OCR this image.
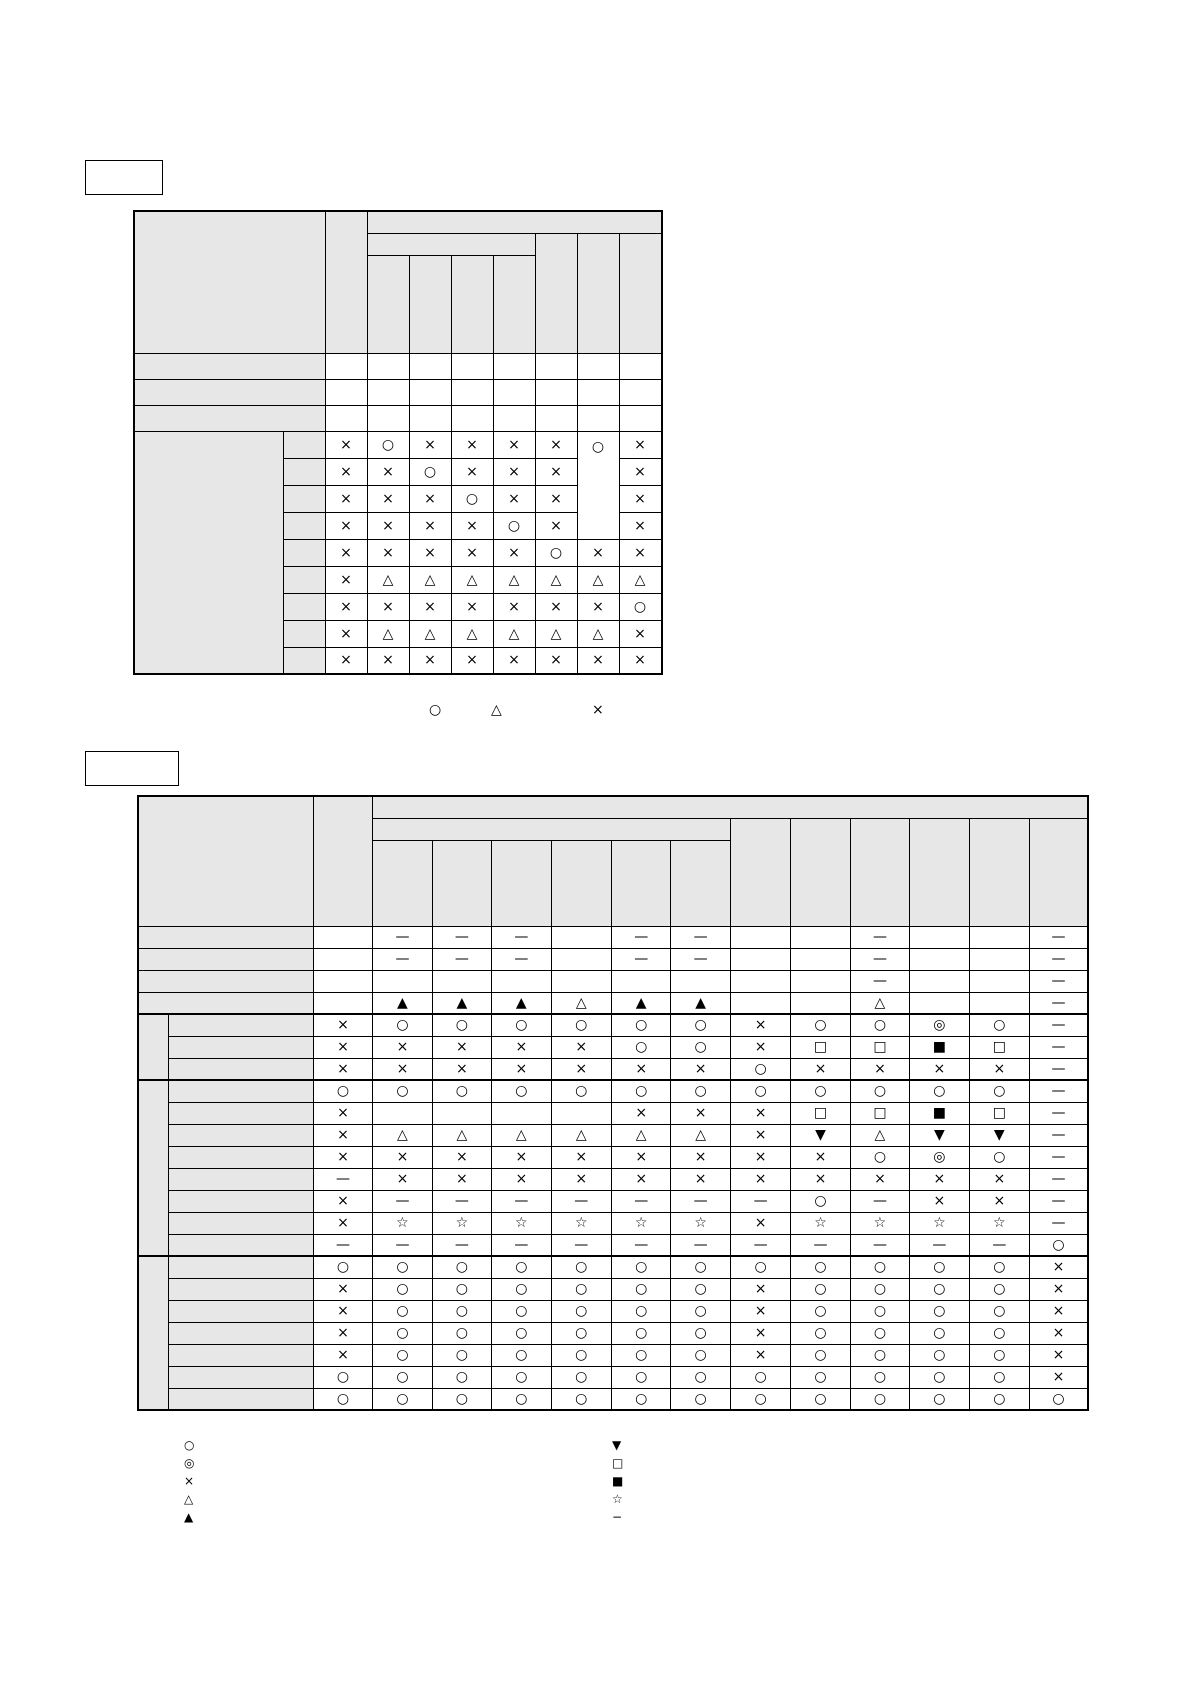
		×	○	×	×	×	×	○	×	
		×	×	○	×	×	×		×	
		×	×	×	○	×	×		×	
		×	×	×	×	○	×		×	
		×	×	×	×	×	○	×	×	
		×	△	△	△	△	△	△	△	
		×	×	×	×	×	×	×	○	
		×	△	△	△	△	△	△	×	
		×	×	×	×	×	×	×	×	
○	△	×

			—	—	—		—	—			—			—
			—	—	—		—	—			—			—
											—			—
			▲	▲	▲	△	▲	▲			△			—
		×	○	○	○	○	○	○	×	○	○	◎	○	—
		×	×	×	×	×	○	○	×	□	□	■	□	—
		×	×	×	×	×	×	×	○	×	×	×	×	—
		○	○	○	○	○	○	○	○	○	○	○	○	—
		×					×	×	×	□	□	■	□	—
		×	△	△	△	△	△	△	×	▼	△	▼	▼	—
		×	×	×	×	×	×	×	×	×	○	◎	○	—
		—	×	×	×	×	×	×	×	×	×	×	×	—
		×	—	—	—	—	—	—	—	○	—	×	×	—
		×	☆	☆	☆	☆	☆	☆	×	☆	☆	☆	☆	—
		—	—	—	—	—	—	—	—	—	—	—	—	○
		○	○	○	○	○	○	○	○	○	○	○	○	×
		×	○	○	○	○	○	○	×	○	○	○	○	×
		×	○	○	○	○	○	○	×	○	○	○	○	×
		×	○	○	○	○	○	○	×	○	○	○	○	×
		×	○	○	○	○	○	○	×	○	○	○	○	×
		○	○	○	○	○	○	○	○	○	○	○	○	×
		○	○	○	○	○	○	○	○	○	○	○	○	○
○
◎
×
△
▲
▼
□
■
☆
−
